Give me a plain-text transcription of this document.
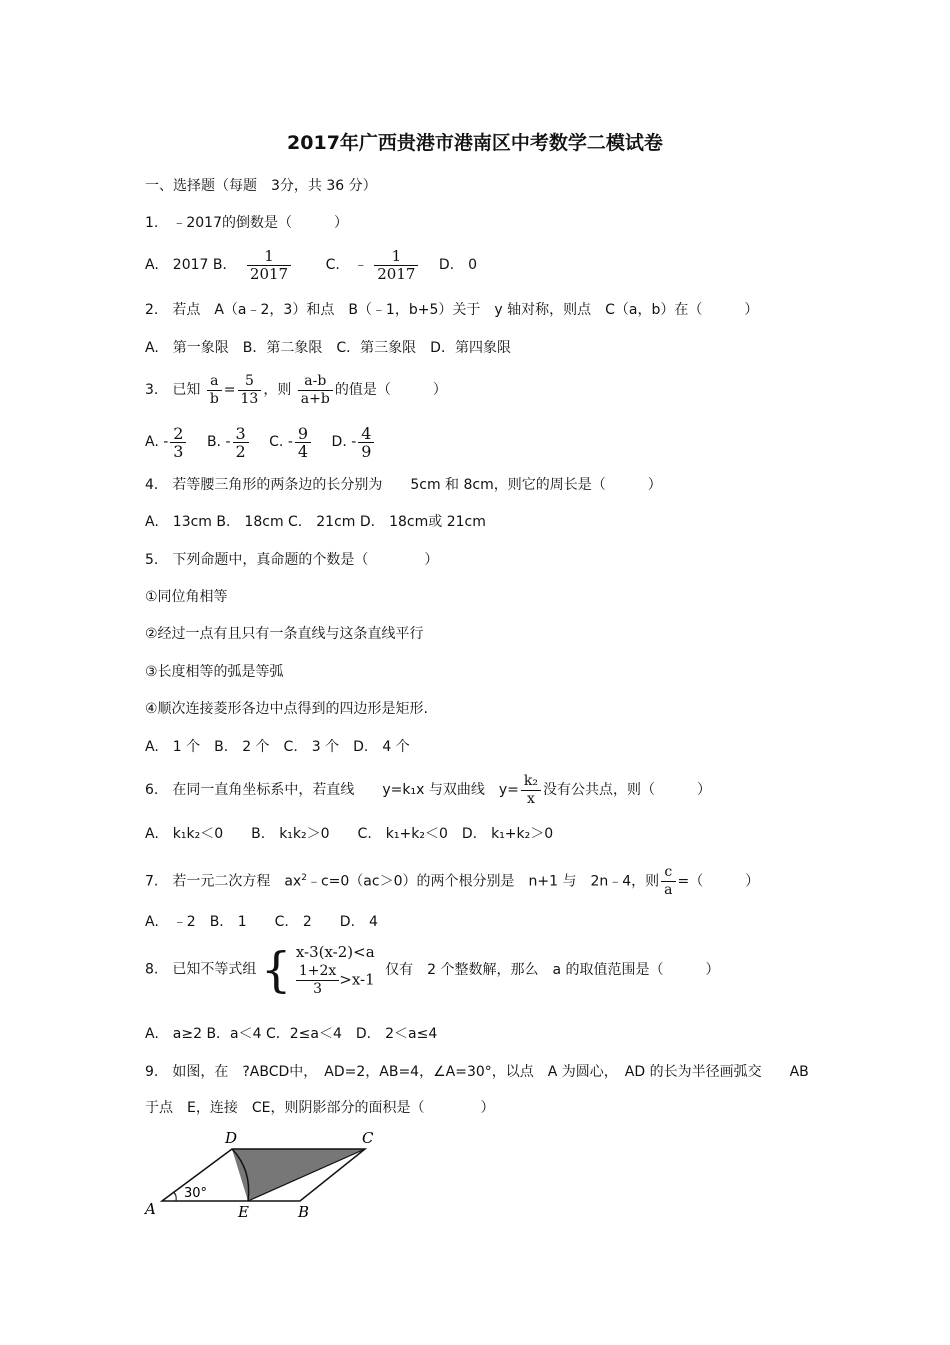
2017年广西贵港市港南区中考数学二模试卷
一、选择题（每题　3分，共 36 分）
1.　﹣2017的倒数是（　　　）
A.　2017 B． $\frac{1}{2017} C$.　﹣ $\frac{1}{2017} D$.　0
2.　若点　A（a﹣2，3）和点　B（﹣1，b+5）关于　y 轴对称，则点　C（a，b）在（　　　）
A.　第一象限　B．第二象限　C．第三象限　D．第四象限
3.　已知 $\frac{a}{b} = \frac{5}{13}$ ，则 $\frac{a-b}{a+b}$ 的值是（　　　）
A. - $\frac{2}{3} B$. - $\frac{3}{2} C$. - $\frac{9}{4} D$. - $\frac{4}{9}$
4.　若等腰三角形的两条边的长分别为　　5cm 和 8cm，则它的周长是（　　　）
A.　13cm B.　18cm C.　21cm D.　18cm或 21cm
5.　下列命题中，真命题的个数是（　　　　）
①同位角相等
②经过一点有且只有一条直线与这条直线平行
③长度相等的弧是等弧
④顺次连接菱形各边中点得到的四边形是矩形.
A.　1 个　B.　2 个　C.　3 个　D.　4 个
6.　在同一直角坐标系中，若直线　　y=k₁x 与双曲线　$y= \frac{\text{k₂}}{x}$ 没有公共点，则（　　　）
A.　k₁k₂＜0 B.　k₁k₂＞0 C.　k₁+k₂＜0 D.　k₁+k₂＞0
7.　若一元二次方程　$ax^2﹣c=0(ac>0)$的两个根分别是　n+1 与　2n﹣4，则 $\frac{c}{a}$ =（　　　）
A.　﹣2　B.　1　　C.　2　　D.　4
8.　已知不等式组 { x-3(x-2)<a
$\frac{1+2x}{3} >x-1$
仅有　2 个整数解，那么　a 的取值范围是（　　　）
A.　a≥2 B．a＜4 C．2≤a＜4　D.　2＜a≤4
9.　如图，在　?ABCD中，　AD=2，AB=4，∠A=30°，以点　A 为圆心，　AD 的长为半径画弧交　　AB
于点　E，连接　CE，则阴影部分的面积是（　　　　）
A
D	C
E	B
30°
